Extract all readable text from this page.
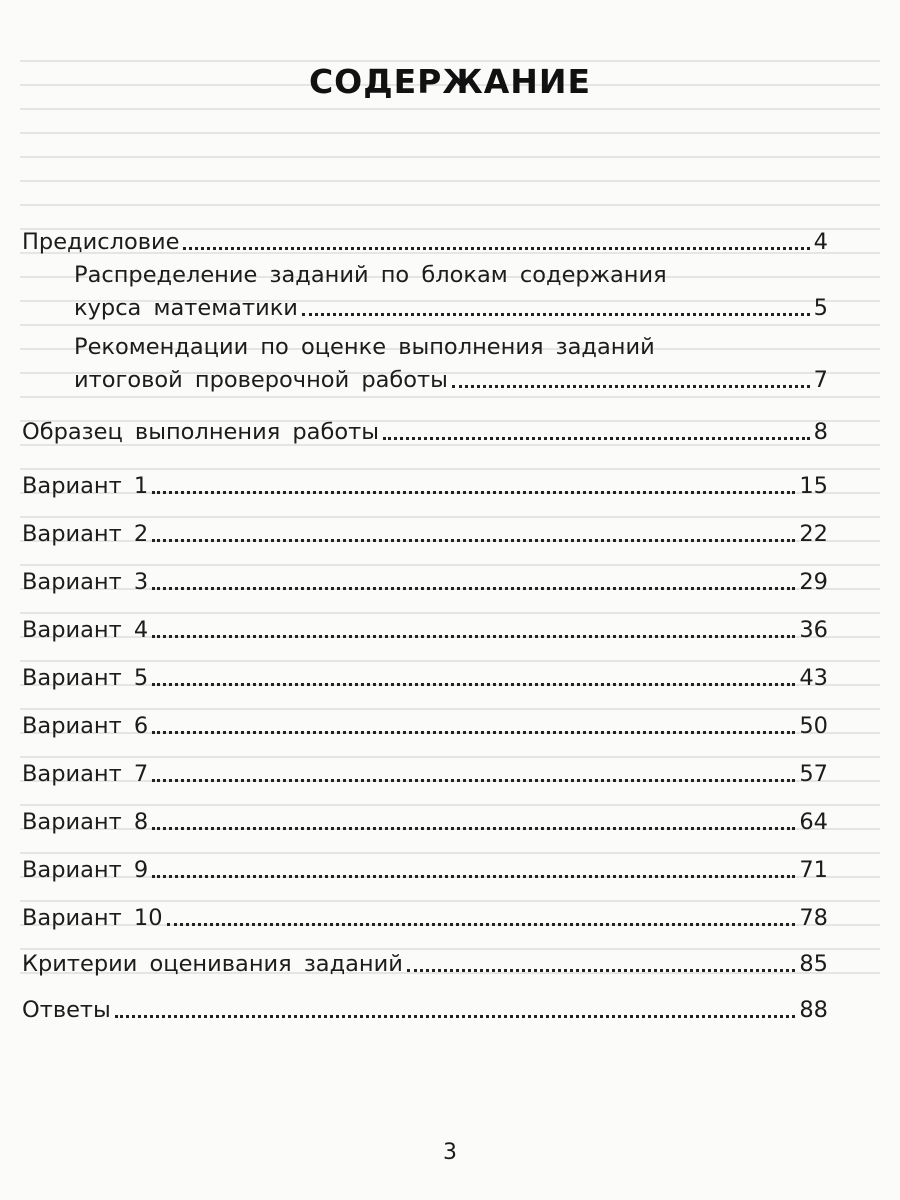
СОДЕРЖАНИЕ
Предисловие	4
Распределение заданий по блокам содержания
курса математики	5
Рекомендации по оценке выполнения заданий
итоговой проверочной работы	7
Образец выполнения работы	8
Вариант 1	15
Вариант 2	22
Вариант 3	29
Вариант 4	36
Вариант 5	43
Вариант 6	50
Вариант 7	57
Вариант 8	64
Вариант 9	71
Вариант 10	78
Критерии оценивания заданий	85
Ответы	88
3
